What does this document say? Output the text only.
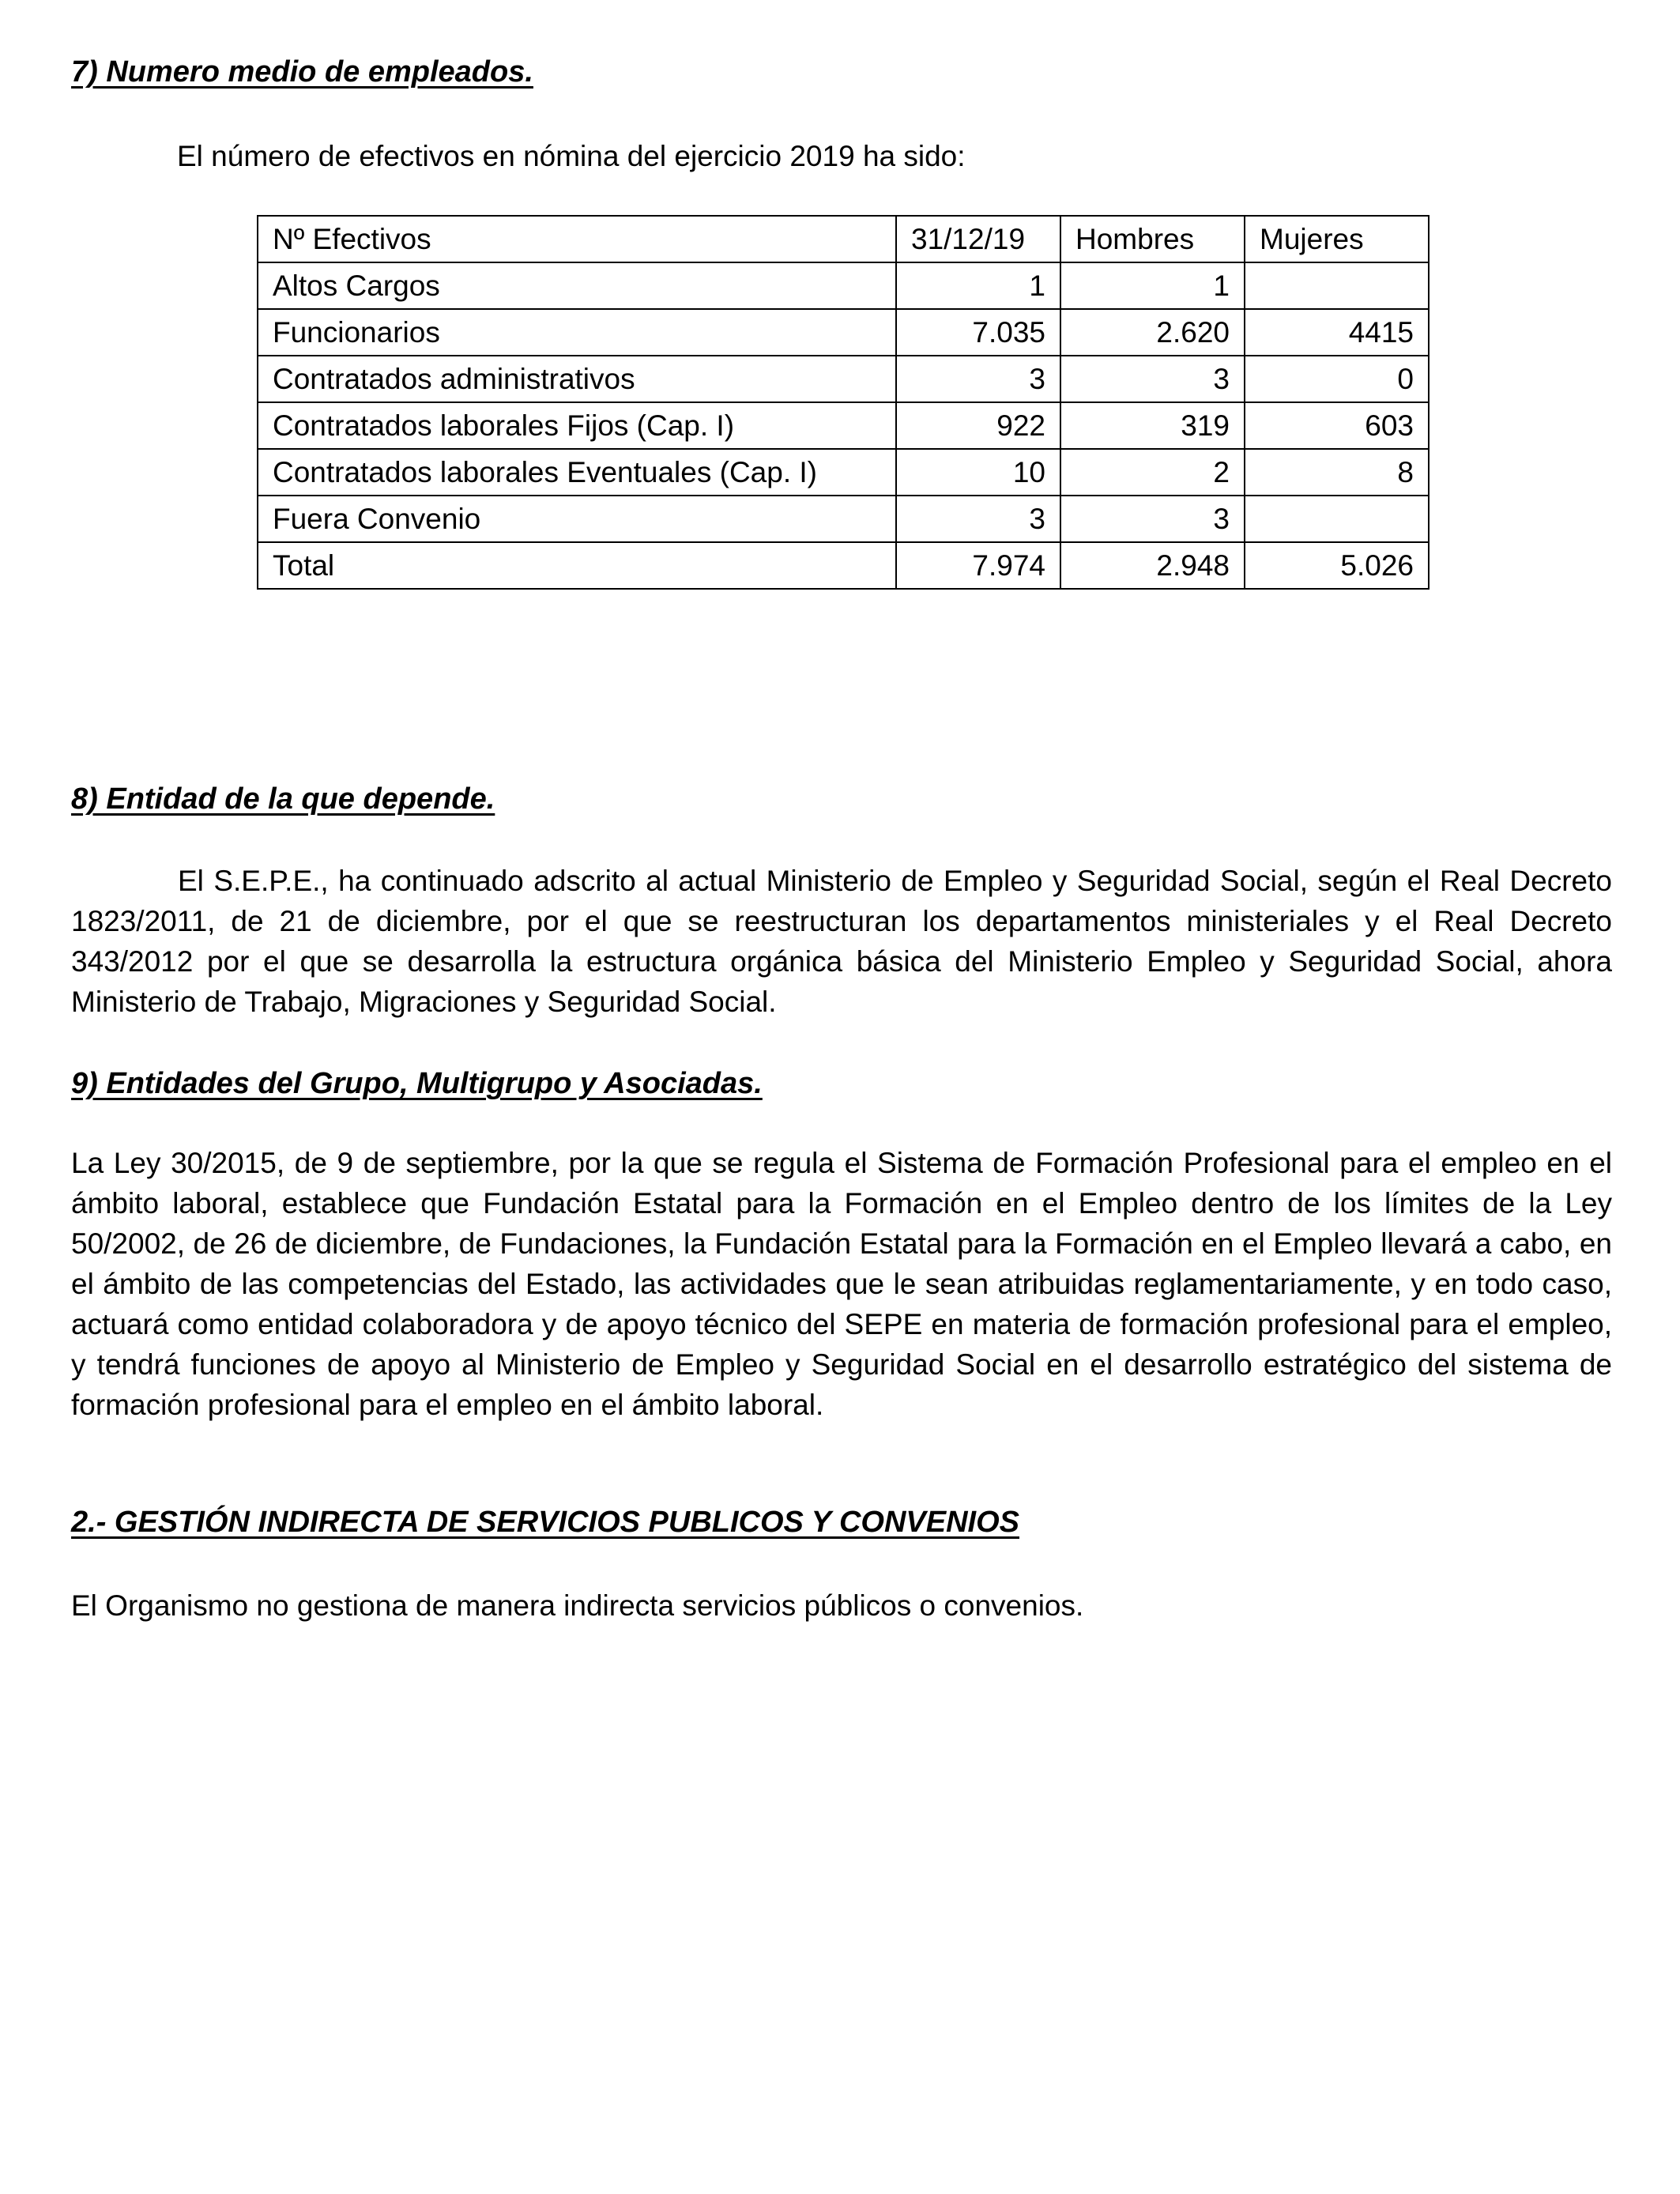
7) Numero medio de empleados.

El número de efectivos en nómina del ejercicio 2019 ha sido:

Nº Efectivos	31/12/19	Hombres	Mujeres
Altos Cargos	1	1	
Funcionarios	7.035	2.620	4415
Contratados administrativos	3	3	0
Contratados laborales Fijos (Cap. I)	922	319	603
Contratados laborales Eventuales (Cap. I)	10	2	8
Fuera Convenio	3	3	
Total	7.974	2.948	5.026
8) Entidad de la que depende.

El S.E.P.E., ha continuado adscrito al actual Ministerio de Empleo y Seguridad Social, según el Real Decreto 1823/2011, de 21 de diciembre, por el que se reestructuran los departamentos ministeriales y el Real Decreto 343/2012 por el que se desarrolla la estructura orgánica básica del Ministerio Empleo y Seguridad Social, ahora Ministerio de Trabajo, Migraciones y Seguridad Social.

9) Entidades del Grupo, Multigrupo y Asociadas.

La Ley 30/2015, de 9 de septiembre, por la que se regula el Sistema de Formación Profesional para el empleo en el ámbito laboral, establece que Fundación Estatal para la Formación en el Empleo dentro de los límites de la Ley 50/2002, de 26 de diciembre, de Fundaciones, la Fundación Estatal para la Formación en el Empleo llevará a cabo, en el ámbito de las competencias del Estado, las actividades que le sean atribuidas reglamentariamente, y en todo caso, actuará como entidad colaboradora y de apoyo técnico del SEPE en materia de formación profesional para el empleo, y tendrá funciones de apoyo al Ministerio de Empleo y Seguridad Social en el desarrollo estratégico del sistema de formación profesional para el empleo en el ámbito laboral.

2.- GESTIÓN INDIRECTA DE SERVICIOS PUBLICOS Y CONVENIOS

El Organismo no gestiona de manera indirecta servicios públicos o convenios.
